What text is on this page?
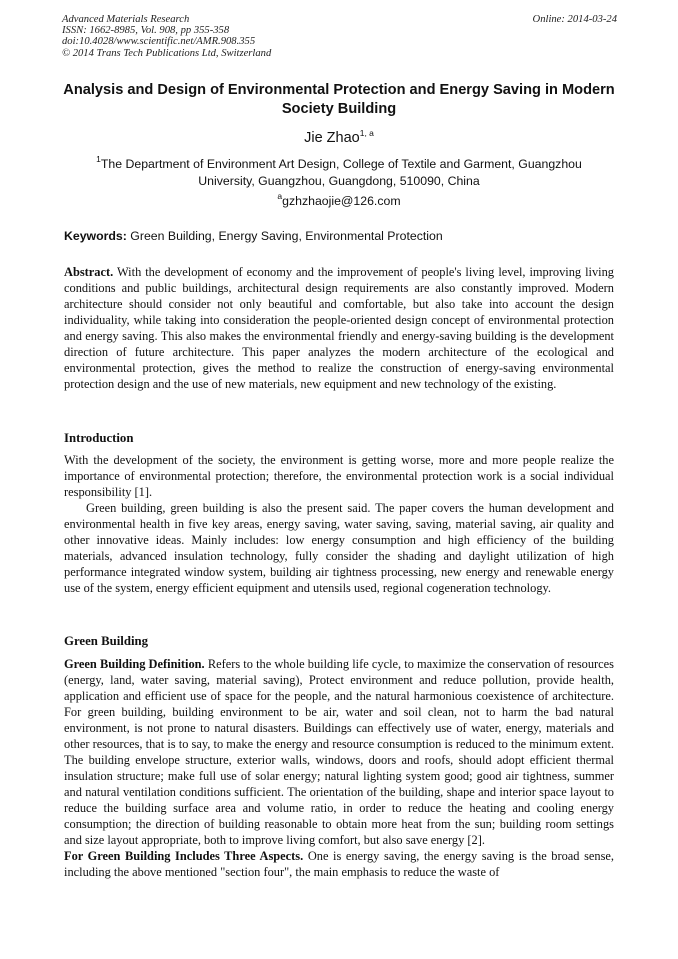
Advanced Materials Research
ISSN: 1662-8985, Vol. 908, pp 355-358
doi:10.4028/www.scientific.net/AMR.908.355
© 2014 Trans Tech Publications Ltd, Switzerland
Online: 2014-03-24
Analysis and Design of Environmental Protection and Energy Saving in Modern Society Building
Jie Zhao$^{1, a}$
$^1$The Department of Environment Art Design, College of Textile and Garment, Guangzhou University, Guangzhou, Guangdong, 510090, China
$^a$gzhzhaojie@126.com
Keywords: Green Building, Energy Saving, Environmental Protection

Abstract. With the development of economy and the improvement of people's living level, improving living conditions and public buildings, architectural design requirements are also constantly improved. Modern architecture should consider not only beautiful and comfortable, but also take into account the design individuality, while taking into consideration the people-oriented design concept of environmental protection and energy saving. This also makes the environmental friendly and energy-saving building is the development direction of future architecture. This paper analyzes the modern architecture of the ecological and environmental protection, gives the method to realize the construction of energy-saving environmental protection design and the use of new materials, new equipment and new technology of the existing.

Introduction

With the development of the society, the environment is getting worse, more and more people realize the importance of environmental protection; therefore, the environmental protection work is a social individual responsibility [1].

Green building, green building is also the present said. The paper covers the human development and environmental health in five key areas, energy saving, water saving, saving, material saving, air quality and other innovative ideas. Mainly includes: low energy consumption and high efficiency of the building materials, advanced insulation technology, fully consider the shading and daylight utilization of high performance integrated window system, building air tightness processing, new energy and renewable energy use of the system, energy efficient equipment and utensils used, regional cogeneration technology.

Green Building

Green Building Definition. Refers to the whole building life cycle, to maximize the conservation of resources (energy, land, water saving, material saving), Protect environment and reduce pollution, provide health, application and efficient use of space for the people, and the natural harmonious coexistence of architecture. For green building, building environment to be air, water and soil clean, not to harm the bad natural environment, is not prone to natural disasters. Buildings can effectively use of water, energy, materials and other resources, that is to say, to make the energy and resource consumption is reduced to the minimum extent. The building envelope structure, exterior walls, windows, doors and roofs, should adopt efficient thermal insulation structure; make full use of solar energy; natural lighting system good; good air tightness, summer and natural ventilation conditions sufficient. The orientation of the building, shape and interior space layout to reduce the building surface area and volume ratio, in order to reduce the heating and cooling energy consumption; the direction of building reasonable to obtain more heat from the sun; building room settings and size layout appropriate, both to improve living comfort, but also save energy [2].

For Green Building Includes Three Aspects. One is energy saving, the energy saving is the broad sense, including the above mentioned "section four", the main emphasis to reduce the waste of
